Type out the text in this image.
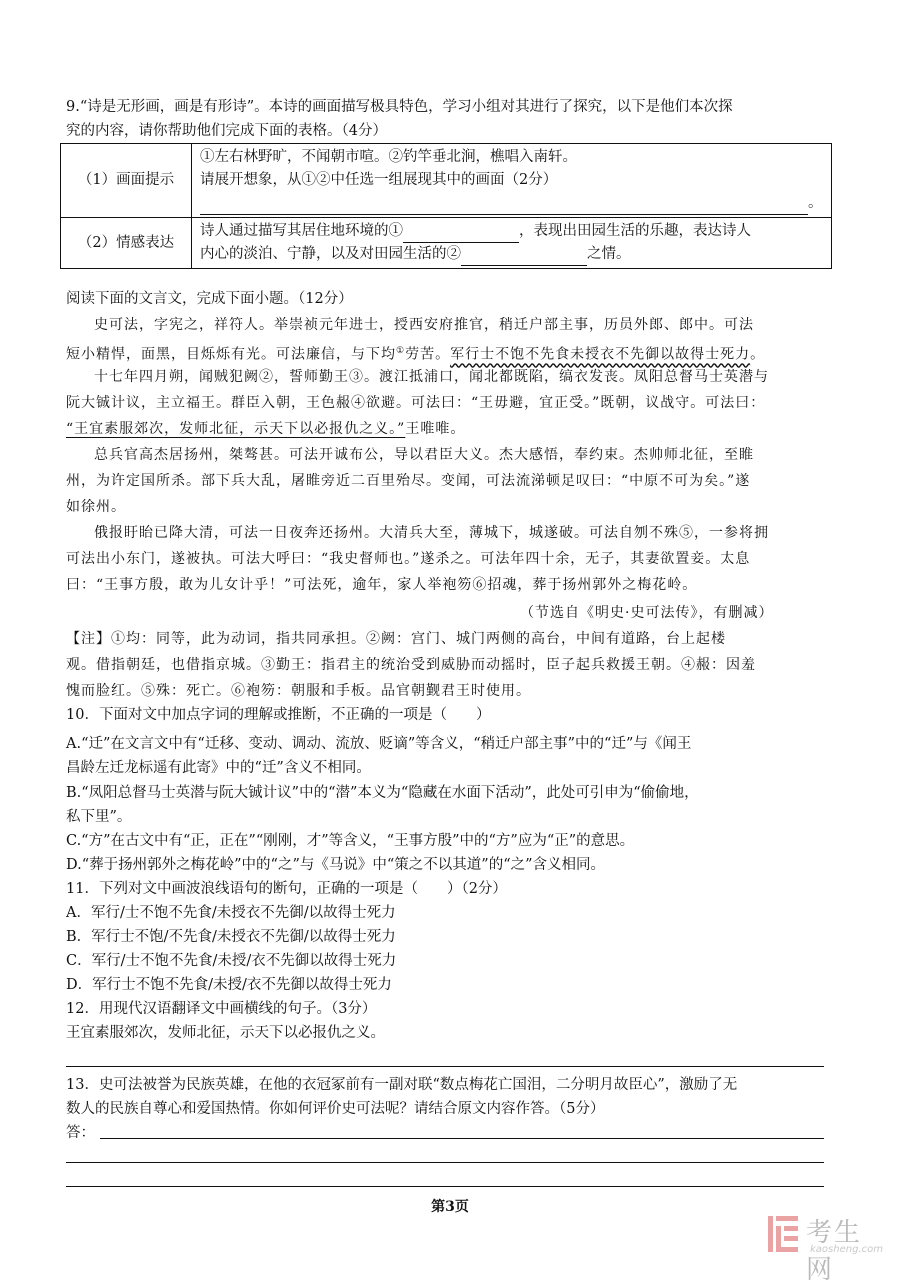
9.“诗是无形画，画是有形诗”。本诗的画面描写极具特色，学习小组对其进行了探究，以下是他们本次探
究的内容，请你帮助他们完成下面的表格。（4分）
（1）画面提示	①左右林野旷，不闻朝市喧。②钓竿垂北涧，樵唱入南轩。
请展开想象，从①②中任选一组展现其中的画面（2分）
。

（2）情感表达	诗人通过描写其居住地环境的① ，表现出田园生活的乐趣，表达诗人
内心的淡泊、宁静，以及对田园生活的② 之情。
阅读下面的文言文，完成下面小题。（12分）
史可法，字宪之，祥符人。举崇祯元年进士，授西安府推官，稍迁户部主事，历员外郎、郎中。可法
短小精悍，面黑，目烁烁有光。可法廉信，与下均①劳苦。军行士不饱不先食未授衣不先御以故得士死力。
十七年四月朔，闻贼犯阙②，誓师勤王③。渡江抵浦口，闻北都既陷，缟衣发丧。凤阳总督马士英潜与
阮大铖计议，主立福王。群臣入朝，王色赧④欲避。可法曰：“王毋避，宜正受。”既朝，议战守。可法曰：
“王宜素服郊次，发师北征，示天下以必报仇之义。”王唯唯。
总兵官高杰居扬州，桀骜甚。可法开诚布公，导以君臣大义。杰大感悟，奉约束。杰帅师北征，至睢
州，为许定国所杀。部下兵大乱，屠睢旁近二百里殆尽。变闻，可法流涕顿足叹曰：“中原不可为矣。”遂
如徐州。
俄报盱眙已降大清，可法一日夜奔还扬州。大清兵大至，薄城下，城遂破。可法自刎不殊⑤，一参将拥
可法出小东门，遂被执。可法大呼曰：“我史督师也。”遂杀之。可法年四十余，无子，其妻欲置妾。太息
曰：“王事方殷，敢为儿女计乎！”可法死，逾年，家人举袍笏⑥招魂，葬于扬州郭外之梅花岭。
（节选自《明史·史可法传》，有删减）
【注】①均：同等，此为动词，指共同承担。②阙：宫门、城门两侧的高台，中间有道路，台上起楼
观。借指朝廷，也借指京城。③勤王：指君主的统治受到威胁而动摇时，臣子起兵救援王朝。④赧：因羞
愧而脸红。⑤殊：死亡。⑥袍笏：朝服和手板。品官朝觐君王时使用。
10．下面对文中加点字词的理解或推断，不正确的一项是（　　）
A.“迁”在文言文中有“迁移、变动、调动、流放、贬谪”等含义，“稍迁户部主事”中的“迁”与《闻王
昌龄左迁龙标遥有此寄》中的“迁”含义不相同。
B.“凤阳总督马士英潜与阮大铖计议”中的“潜”本义为“隐藏在水面下活动”，此处可引申为“偷偷地，
私下里”。
C.“方”在古文中有“正，正在”“刚刚，才”等含义，“王事方殷”中的“方”应为“正”的意思。
D.“葬于扬州郭外之梅花岭”中的“之”与《马说》中“策之不以其道”的“之”含义相同。
11．下列对文中画波浪线语句的断句，正确的一项是（　　）（2分）
A．军行/士不饱不先食/未授衣不先御/以故得士死力
B．军行士不饱/不先食/未授衣不先御/以故得士死力
C．军行/士不饱不先食/未授/衣不先御以故得士死力
D．军行士不饱不先食/未授/衣不先御以故得士死力
12．用现代汉语翻译文中画横线的句子。（3分）
王宜素服郊次，发师北征，示天下以必报仇之义。
13．史可法被誉为民族英雄，在他的衣冠冢前有一副对联“数点梅花亡国泪，二分明月故臣心”，激励了无
数人的民族自尊心和爱国热情。你如何评价史可法呢？请结合原文内容作答。（5分）
答：
第3页
考生网
kaosheng.com
